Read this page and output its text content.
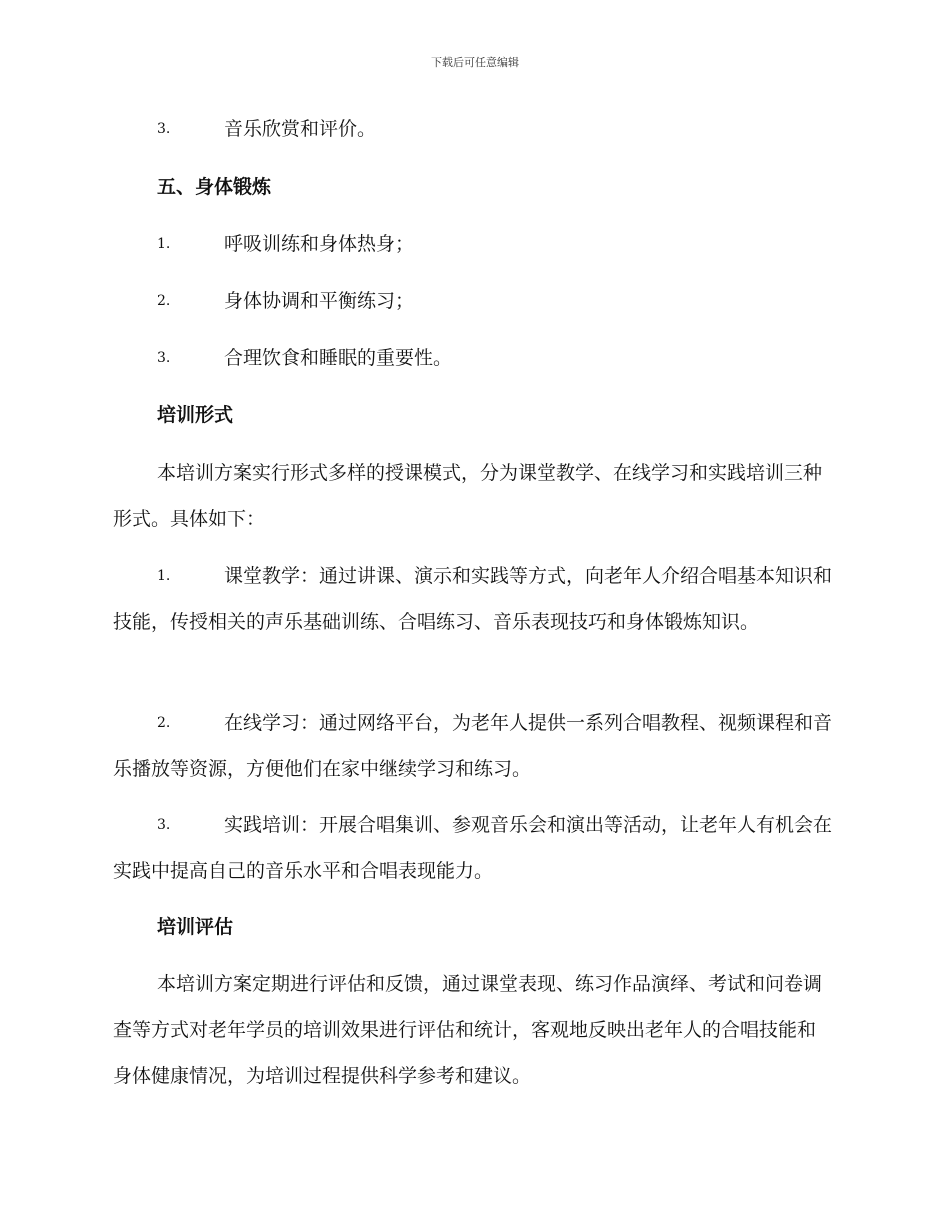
下载后可任意编辑
3.	音乐欣赏和评价。
五、身体锻炼
1.	呼吸训练和身体热身；
2.	身体协调和平衡练习；
3.	合理饮食和睡眠的重要性。
培训形式
本培训方案实行形式多样的授课模式，分为课堂教学、在线学习和实践培训三种形式。具体如下：
1.	课堂教学：通过讲课、演示和实践等方式，向老年人介绍合唱基本知识和技能，传授相关的声乐基础训练、合唱练习、音乐表现技巧和身体锻炼知识。
2.	在线学习：通过网络平台，为老年人提供一系列合唱教程、视频课程和音乐播放等资源，方便他们在家中继续学习和练习。
3.	实践培训：开展合唱集训、参观音乐会和演出等活动，让老年人有机会在实践中提高自己的音乐水平和合唱表现能力。
培训评估
本培训方案定期进行评估和反馈，通过课堂表现、练习作品演绎、考试和问卷调查等方式对老年学员的培训效果进行评估和统计，客观地反映出老年人的合唱技能和身体健康情况，为培训过程提供科学参考和建议。
